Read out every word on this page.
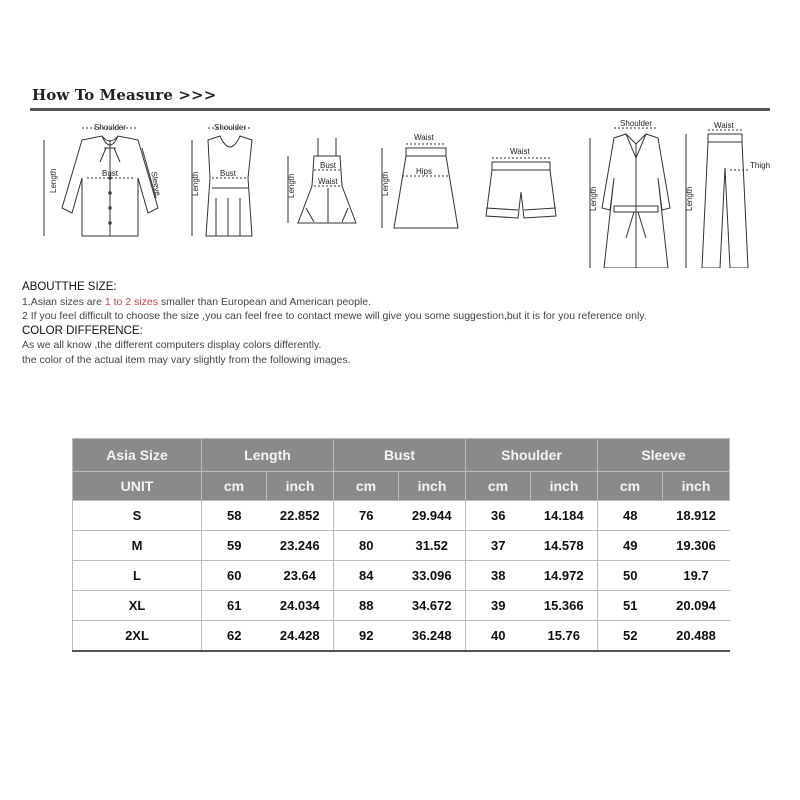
How To Measure >>>
Shoulder
Bust
Length	Sleeve
Shoulder
Bust
Length
Bust
Waist
Length
Waist
Hips
Length
Waist
Shoulder
Length
Waist
Thigh
Length
ABOUTTHE SIZE:
1.Asian sizes are 1 to 2 sizes smaller than European and American people.
2 If you feel difficult to choose the size ,you can feel free to contact mewe will give you some suggestion,but it is for you reference only.
COLOR DIFFERENCE:
As we all know ,the different computers display colors differently.
the color of the actual item may vary slightly from the following images.
Asia Size	Length		Bust		Shoulder		Sleeve	
UNIT	cm	inch	cm	inch	cm	inch	cm	inch
S	58	22.852	76	29.944	36	14.184	48	18.912
M	59	23.246	80	31.52	37	14.578	49	19.306
L	60	23.64	84	33.096	38	14.972	50	19.7
XL	61	24.034	88	34.672	39	15.366	51	20.094
2XL	62	24.428	92	36.248	40	15.76	52	20.488
